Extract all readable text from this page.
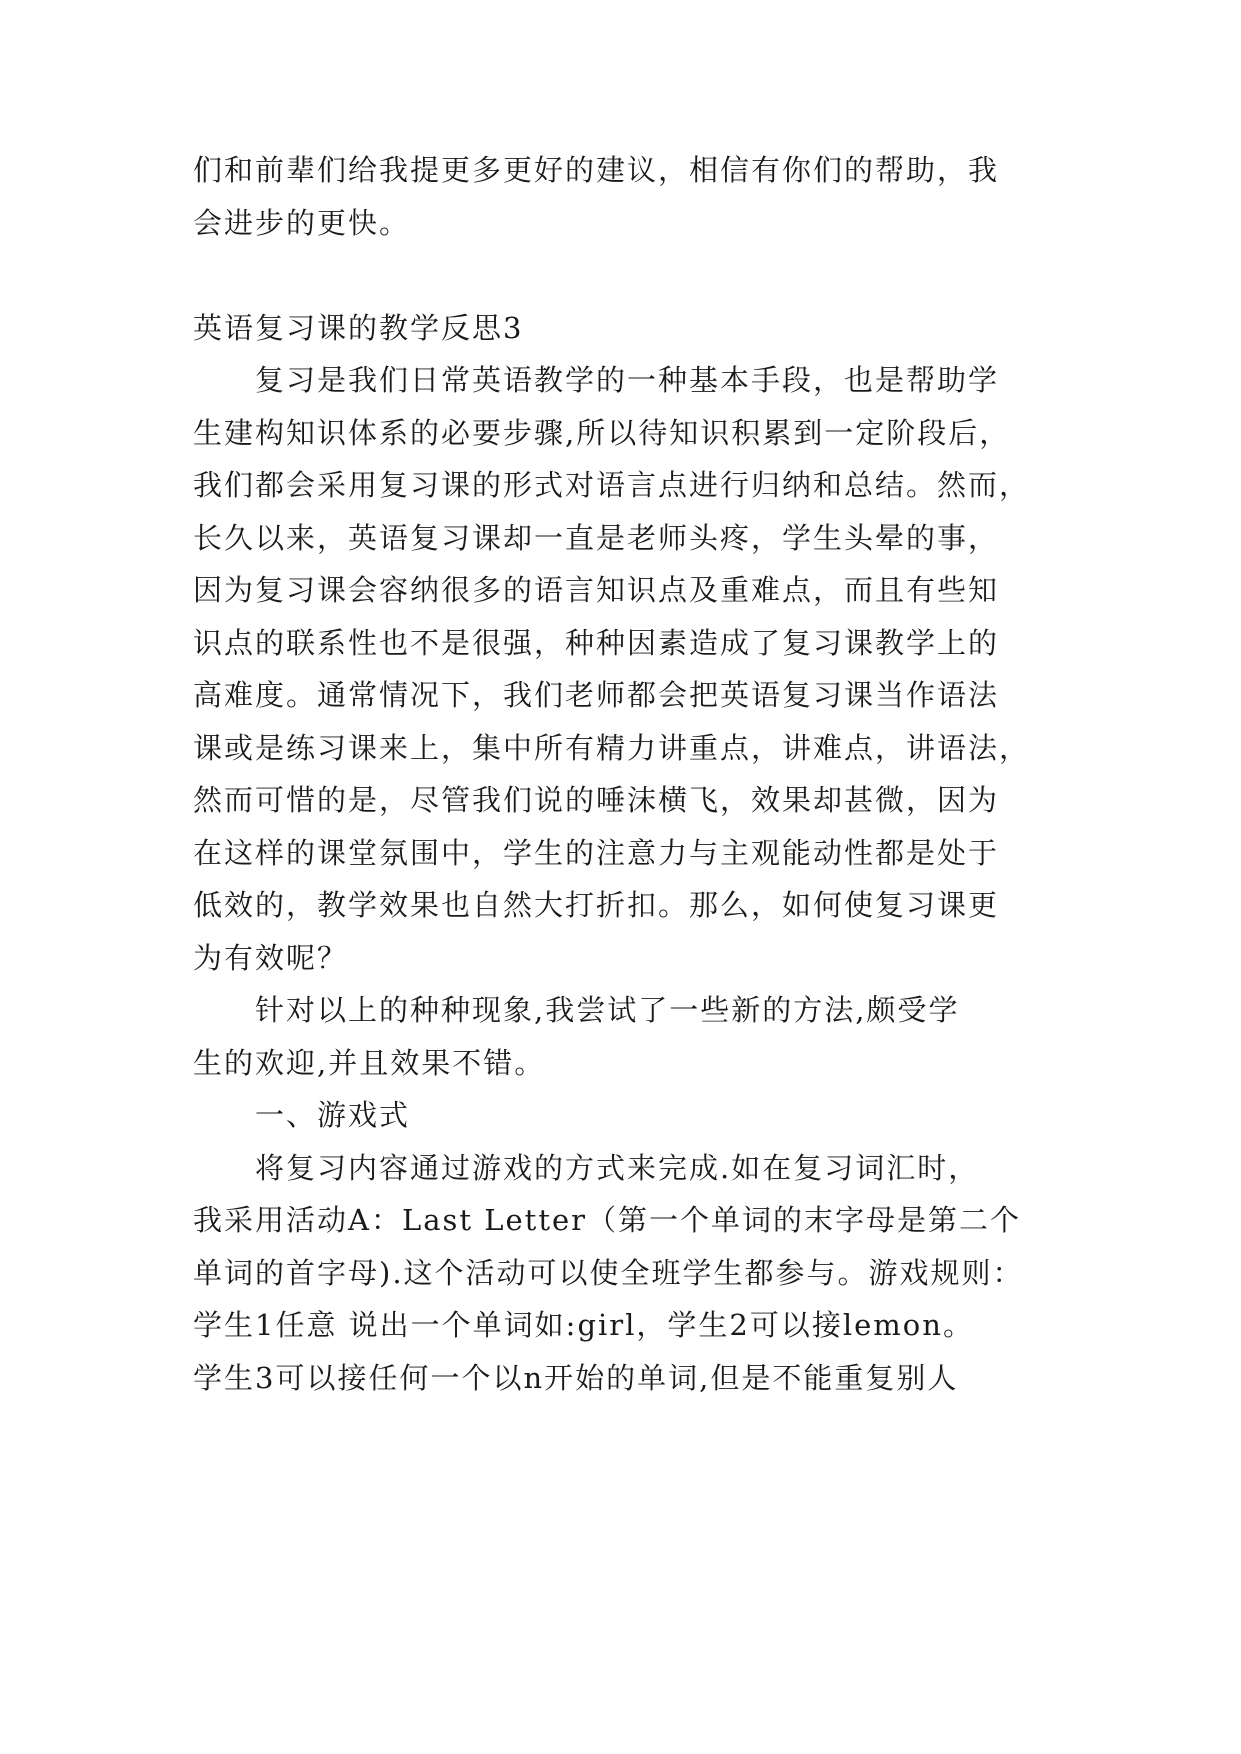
们和前辈们给我提更多更好的建议，相信有你们的帮助，我
会进步的更快。
英语复习课的教学反思3
复习是我们日常英语教学的一种基本手段，也是帮助学
生建构知识体系的必要步骤,所以待知识积累到一定阶段后，
我们都会采用复习课的形式对语言点进行归纳和总结。然而，
长久以来，英语复习课却一直是老师头疼，学生头晕的事，
因为复习课会容纳很多的语言知识点及重难点，而且有些知
识点的联系性也不是很强，种种因素造成了复习课教学上的
高难度。通常情况下，我们老师都会把英语复习课当作语法
课或是练习课来上，集中所有精力讲重点，讲难点，讲语法，
然而可惜的是，尽管我们说的唾沫横飞，效果却甚微，因为
在这样的课堂氛围中，学生的注意力与主观能动性都是处于
低效的，教学效果也自然大打折扣。那么，如何使复习课更
为有效呢？
针对以上的种种现象,我尝试了一些新的方法,颇受学
生的欢迎,并且效果不错。
一、游戏式
将复习内容通过游戏的方式来完成.如在复习词汇时，
我采用活动A：Last Letter（第一个单词的末字母是第二个
单词的首字母).这个活动可以使全班学生都参与。游戏规则：
学生1任意 说出一个单词如:girl，学生2可以接lemon。
学生3可以接任何一个以n开始的单词,但是不能重复别人
